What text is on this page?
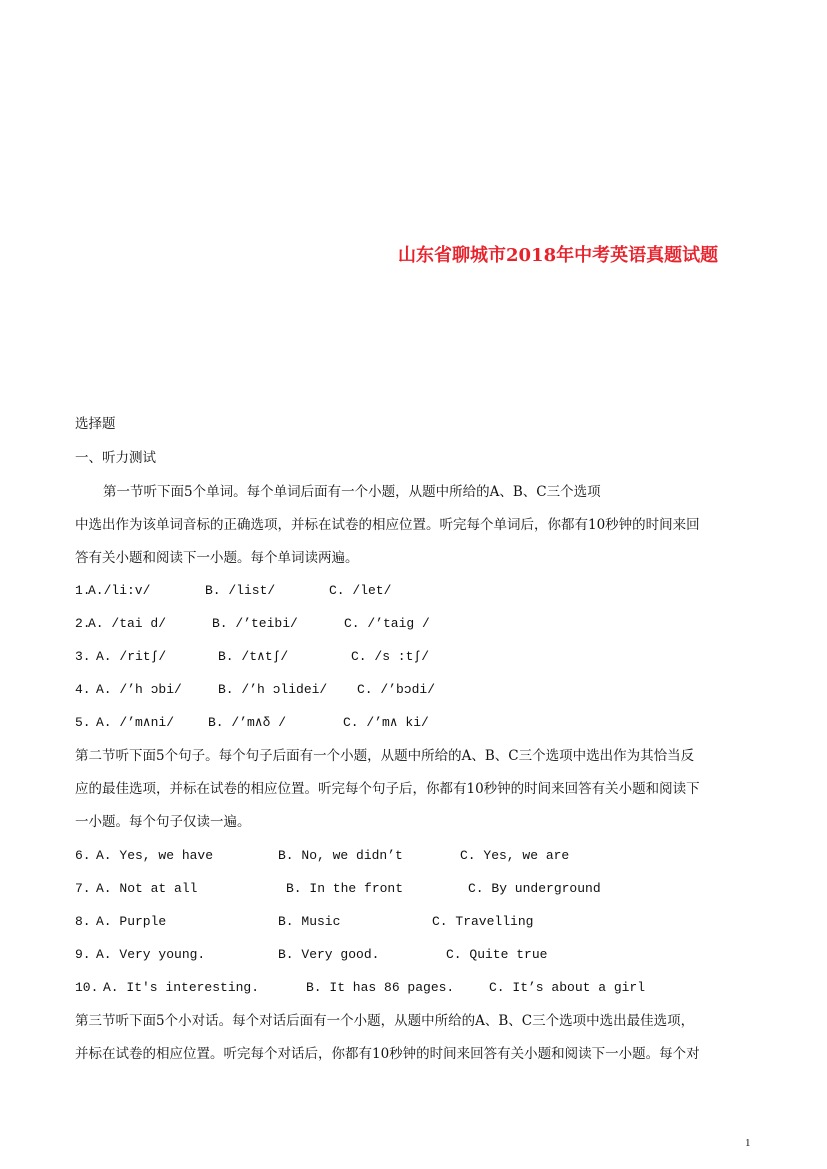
山东省聊城市2018年中考英语真题试题
选择题
一、听力测试
第一节听下面5个单词。每个单词后面有一个小题，从题中所给的A、B、C三个选项
中选出作为该单词音标的正确选项，并标在试卷的相应位置。听完每个单词后，你都有10秒钟的时间来回
答有关小题和阅读下一小题。每个单词读两遍。
1.
A./li:v/	B. /list/	C. /let/
2.
A. /tai d/	B. /’teibi/	C. /’taig /
3. A. /ritʃ/	B. /t∧tʃ/	C. /s :tʃ/
4. A. /’h ɔbi/	B. /’h ɔlidei/ C. /’bɔdi/
5. A. /’m∧ni/	B. /’m∧δ /	C. /’m∧ ki/
第二节听下面5个句子。每个句子后面有一个小题，从题中所给的A、B、C三个选项中选出作为其恰当反
应的最佳选项，并标在试卷的相应位置。听完每个句子后，你都有10秒钟的时间来回答有关小题和阅读下
一小题。每个句子仅读一遍。
6. A. Yes, we have	B. No, we didn’t	C. Yes, we are
7. A. Not at all	B. In the front	C. By underground
8. A. Purple	B. Music	C. Travelling
9. A. Very young.	B. Very good.	C. Quite true
10. A. It's interesting.	B. It has 86 pages.	C. It’s about a girl
第三节听下面5个小对话。每个对话后面有一个小题，从题中所给的A、B、C三个选项中选出最佳选项，
并标在试卷的相应位置。听完每个对话后，你都有10秒钟的时间来回答有关小题和阅读下一小题。每个对
1
